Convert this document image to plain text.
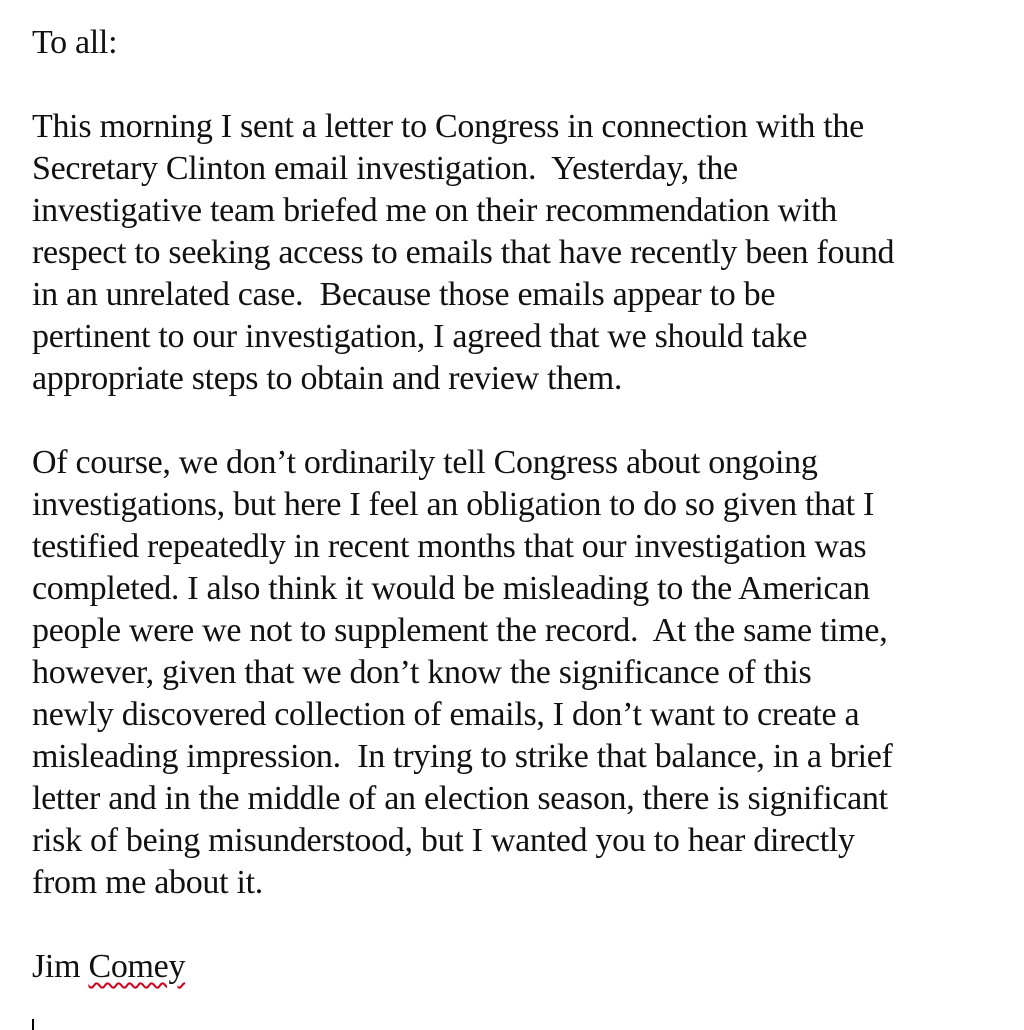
To all:
This morning I sent a letter to Congress in connection with the
Secretary Clinton email investigation.  Yesterday, the
investigative team briefed me on their recommendation with
respect to seeking access to emails that have recently been found
in an unrelated case.  Because those emails appear to be
pertinent to our investigation, I agreed that we should take
appropriate steps to obtain and review them.
Of course, we don’t ordinarily tell Congress about ongoing
investigations, but here I feel an obligation to do so given that I
testified repeatedly in recent months that our investigation was
completed. I also think it would be misleading to the American
people were we not to supplement the record.  At the same time,
however, given that we don’t know the significance of this
newly discovered collection of emails, I don’t want to create a
misleading impression.  In trying to strike that balance, in a brief
letter and in the middle of an election season, there is significant
risk of being misunderstood, but I wanted you to hear directly
from me about it.
Jim Comey
